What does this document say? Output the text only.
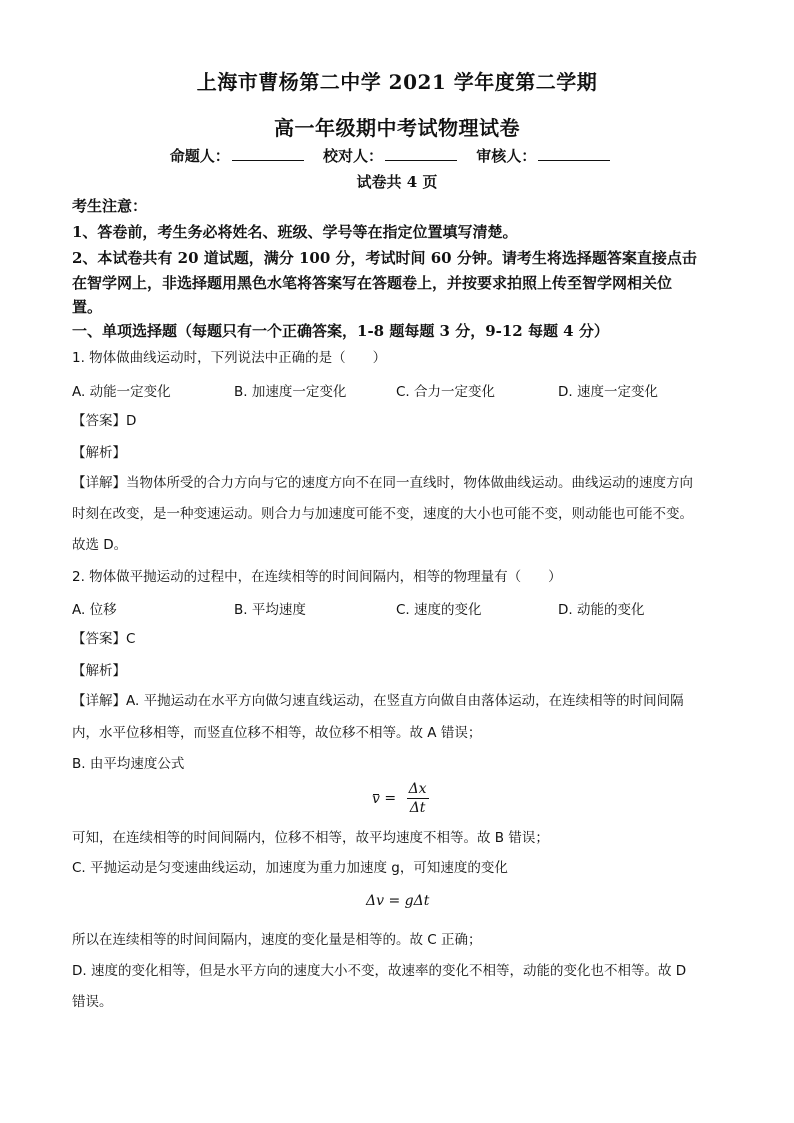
上海市曹杨第二中学 2021 学年度第二学期
高一年级期中考试物理试卷
命题人：	校对人：	审核人：
试卷共 4 页
考生注意：
1、答卷前，考生务必将姓名、班级、学号等在指定位置填写清楚。
2、本试卷共有 20 道试题，满分 100 分，考试时间 60 分钟。请考生将选择题答案直接点击
在智学网上，非选择题用黑色水笔将答案写在答题卷上，并按要求拍照上传至智学网相关位
置。
一、单项选择题（每题只有一个正确答案，1-8 题每题 3 分，9-12 每题 4 分）
1. 物体做曲线运动时，下列说法中正确的是（　　）
A. 动能一定变化	B. 加速度一定变化	C. 合力一定变化	D. 速度一定变化
【答案】D
【解析】
【详解】当物体所受的合力方向与它的速度方向不在同一直线时，物体做曲线运动。曲线运动的速度方向
时刻在改变，是一种变速运动。则合力与加速度可能不变，速度的大小也可能不变，则动能也可能不变。
故选 D。
2. 物体做平抛运动的过程中，在连续相等的时间间隔内，相等的物理量有（　　）
A. 位移	B. 平均速度	C. 速度的变化	D. 动能的变化
【答案】C
【解析】
【详解】A. 平抛运动在水平方向做匀速直线运动，在竖直方向做自由落体运动，在连续相等的时间间隔
内，水平位移相等，而竖直位移不相等，故位移不相等。故 A 错误；
B. 由平均速度公式
$v = \frac{\Delta x}{\Delta t}$
可知，在连续相等的时间间隔内，位移不相等，故平均速度不相等。故 B 错误；
C. 平抛运动是匀变速曲线运动，加速度为重力加速度 g，可知速度的变化
Δv = gΔt
所以在连续相等的时间间隔内，速度的变化量是相等的。故 C 正确；
D. 速度的变化相等，但是水平方向的速度大小不变，故速率的变化不相等，动能的变化也不相等。故 D
错误。
